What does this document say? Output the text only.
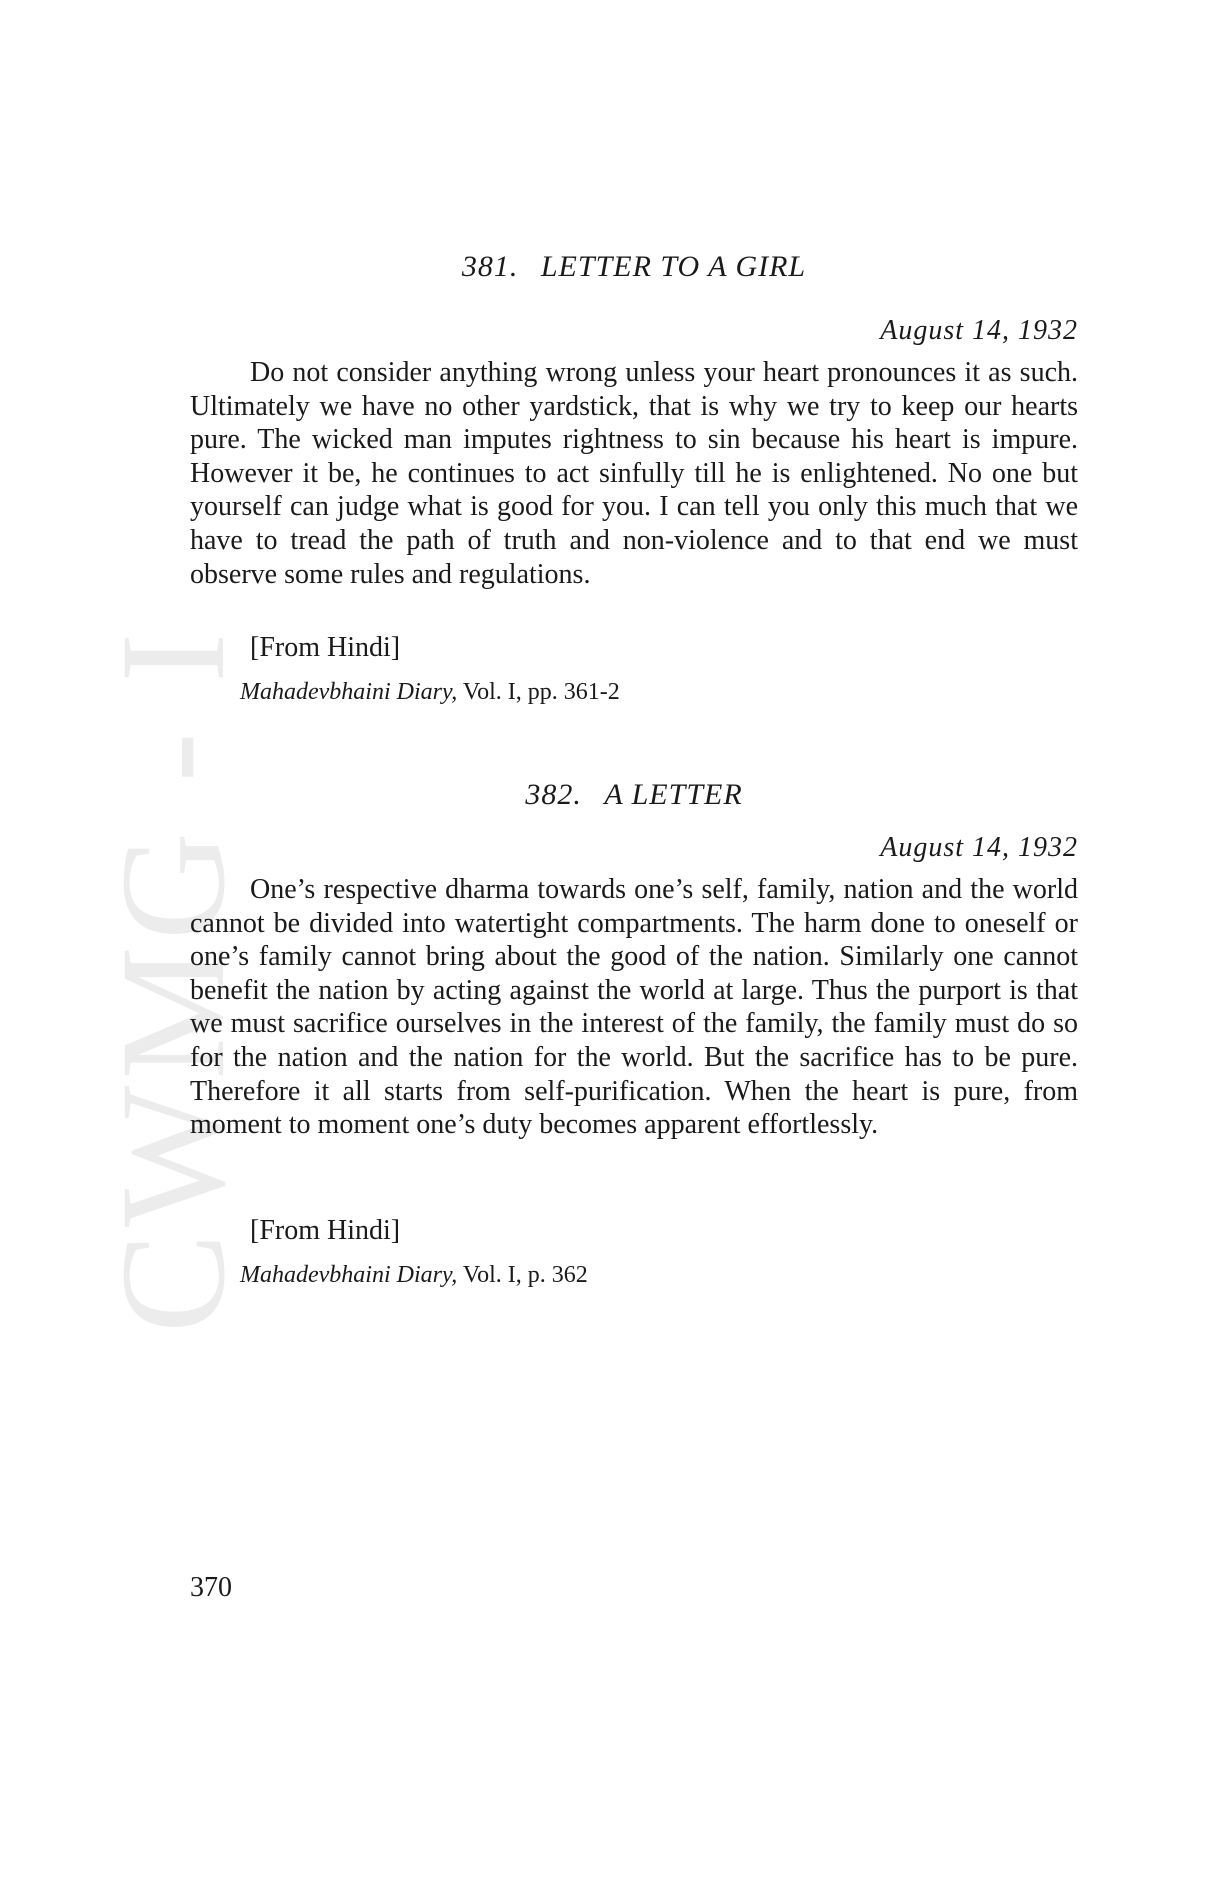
CWMG - I
381. LETTER TO A GIRL
August 14, 1932

Do not consider anything wrong unless your heart pronounces it as such. Ultimately we have no other yardstick, that is why we try to keep our hearts pure. The wicked man imputes rightness to sin because his heart is impure. However it be, he continues to act sinfully till he is enlightened. No one but yourself can judge what is good for you. I can tell you only this much that we have to tread the path of truth and non-violence and to that end we must observe some rules and regulations.

[From Hindi]
Mahadevbhaini Diary, Vol. I, pp. 361-2
382. A LETTER
August 14, 1932

One’s respective dharma towards one’s self, family, nation and the world cannot be divided into watertight compartments. The harm done to oneself or one’s family cannot bring about the good of the nation. Similarly one cannot benefit the nation by acting against the world at large. Thus the purport is that we must sacrifice ourselves in the interest of the family, the family must do so for the nation and the nation for the world. But the sacrifice has to be pure. Therefore it all starts from self-purification. When the heart is pure, from moment to moment one’s duty becomes apparent effortlessly.

[From Hindi]
Mahadevbhaini Diary, Vol. I, p. 362
370
